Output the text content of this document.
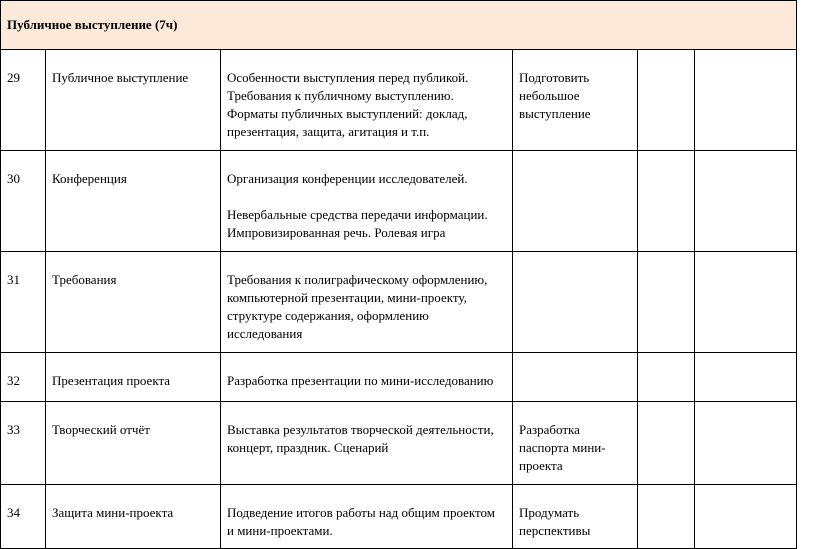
Публичное выступление (7ч)					
29	Публичное выступление	Особенности выступления перед публикой.
Требования к публичному выступлению.
Форматы публичных выступлений: доклад,
презентация, защита, агитация и т.п.	Подготовить
небольшое
выступление		

30	Конференция	Организация конференции исследователей.
Невербальные средства передачи информации.
Импровизированная речь. Ролевая игра			

31	Требования	Требования к полиграфическому оформлению,
компьютерной презентации, мини-проекту,
структуре содержания, оформлению
исследования			

32	Презентация проекта	Разработка презентации по мини-исследованию			

33	Творческий отчёт	Выставка результатов творческой деятельности,
концерт, праздник. Сценарий	Разработка
паспорта мини-
проекта		

34	Защита мини-проекта	Подведение итогов работы над общим проектом
и мини-проектами.	Продумать
перспективы		
